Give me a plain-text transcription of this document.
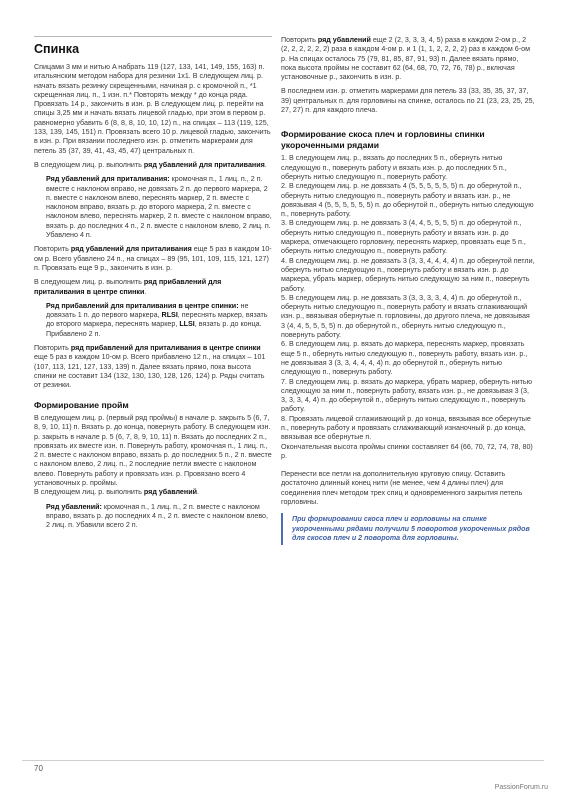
Спинка

Спицами 3 мм и нитью A набрать 119 (127, 133, 141, 149, 155, 163) п. итальянским методом набора для резинки 1x1. В следующем лиц. р. начать вязать резинку скрещенными, начиная р. с кромочной п., *1 скрещенная лиц. п., 1 изн. п.* Повторять между * до конца ряда. Провязать 14 р., закончить в изн. р. В следующем лиц. р. перейти на спицы 3,25 мм и начать вязать лицевой гладью, при этом в первом р. равномерно убавить 6 (8, 8, 8, 10, 10, 12) п., на спицах – 113 (119, 125, 133, 139, 145, 151) п. Провязать всего 10 р. лицевой гладью, закончить в изн. р. При вязании последнего изн. р. отметить маркерами для петель 35 (37, 39, 41, 43, 45, 47) центральных п.

В следующем лиц. р. выполнить ряд убавлений для приталивания.

Ряд убавлений для приталивания: кромочная п., 1 лиц. п., 2 п. вместе с наклоном вправо, не довязать 2 п. до первого маркера, 2 п. вместе с наклоном влево, переснять маркер, 2 п. вместе с наклоном вправо, вязать р. до второго маркера, 2 п. вместе с наклоном влево, переснять маркер, 2 п. вместе с наклоном вправо, вязать р. до последних 4 п., 2 п. вместе с наклоном влево, 2 лиц. п. Убавлено 4 п.

Повторить ряд убавлений для приталивания еще 5 раз в каждом 10-ом р. Всего убавлено 24 п., на спицах – 89 (95, 101, 109, 115, 121, 127) п. Провязать еще 9 р., закончить в изн. р.

В следующем лиц. р. выполнить ряд прибавлений для приталивания в центре спинки.

Ряд прибавлений для приталивания в центре спинки: не довязать 1 п. до первого маркера, RLSI, переснять маркер, вязать до второго маркера, переснять маркер, LLSI, вязать р. до конца. Прибавлено 2 п.

Повторить ряд прибавлений для приталивания в центре спинки еще 5 раз в каждом 10-ом р. Всего прибавлено 12 п., на спицах – 101 (107, 113, 121, 127, 133, 139) п. Далее вязать прямо, пока высота спинки не составит 134 (132, 130, 130, 128, 126, 124) р. Ряды считать от резинки.

Формирование пройм

В следующем лиц. р. (первый ряд проймы) в начале р. закрыть 5 (6, 7, 8, 9, 10, 11) п. Вязать р. до конца, повернуть работу. В следующем изн. р. закрыть в начале р. 5 (6, 7, 8, 9, 10, 11) п. Вязать до последних 2 п., провязать их вместе изн. п. Повернуть работу, кромочная п., 1 лиц. п., 2 п. вместе с наклоном вправо, вязать р. до последних 5 п., 2 п. вместе с наклоном влево, 2 лиц. п., 2 последние петли вместе с наклоном влево. Повернуть работу и провязать изн. р. Провязано всего 4 установочных р. проймы.

В следующем лиц. р. выполнить ряд убавлений.

Ряд убавлений: кромочная п., 1 лиц. п., 2 п. вместе с наклоном вправо, вязать р. до последних 4 п., 2 п. вместе с наклоном влево, 2 лиц. п. Убавили всего 2 п.

Повторить ряд убавлений еще 2 (2, 3, 3, 3, 4, 5) раза в каждом 2-ом р., 2 (2, 2, 2, 2, 2, 2) раза в каждом 4-ом р. и 1 (1, 1, 2, 2, 2, 2) раз в каждом 6-ом р. На спицах осталось 75 (79, 81, 85, 87, 91, 93) п. Далее вязать прямо, пока высота проймы не составит 62 (64, 68, 70, 72, 76, 78) р., включая установочные р., закончить в изн. р.

В последнем изн. р. отметить маркерами для петель 33 (33, 35, 35, 37, 37, 39) центральных п. для горловины на спинке, осталось по 21 (23, 23, 25, 25, 27, 27) п. для каждого плеча.

Формирование скоса плеч и горловины спинки укороченными рядами

1. В следующем лиц. р., вязать до последних 5 п., обернуть нитью следующую п., повернуть работу и вязать изн. р. до последних 5 п., обернуть нитью следующую п., повернуть работу.

2. В следующем лиц. р. не довязать 4 (5, 5, 5, 5, 5, 5) п. до обернутой п., обернуть нитью следующую п., повернуть работу и вязать изн. р., не довязывая 4 (5, 5, 5, 5, 5, 5) п. до обернутой п., обернуть нитью следующую п., повернуть работу.

3. В следующем лиц. р. не довязать 3 (4, 4, 5, 5, 5, 5) п. до обернутой п., обернуть нитью следующую п., повернуть работу и вязать изн. р. до маркера, отмечающего горловину, переснять маркер, провязать еще 5 п., обернуть нитью следующую п., повернуть работу.

4. В следующем лиц. р. не довязать 3 (3, 3, 4, 4, 4, 4) п. до обернутой петли, обернуть нитью следующую п., повернуть работу и вязать изн. р. до маркера, убрать маркер, обернуть нитью следующую за ним п., повернуть работу.

5. В следующем лиц. р. не довязать 3 (3, 3, 3, 3, 4, 4) п. до обернутой п., обернуть нитью следующую п., повернуть работу и вязать сглаживающий изн. р., ввязывая обернутые п. горловины, до другого плеча, не довязывая 3 (4, 4, 5, 5, 5, 5) п. до обернутой п., обернуть нитью следующую п., повернуть работу.

6. В следующем лиц. р. вязать до маркера, переснять маркер, провязать еще 5 п., обернуть нитью следующую п., повернуть работу, вязать изн. р., не довязывая 3 (3, 3, 4, 4, 4, 4) п. до обернутой п., обернуть нитью следующую п., повернуть работу.

7. В следующем лиц. р. вязать до маркера, убрать маркер, обернуть нитью следующую за ним п., повернуть работу, вязать изн. р., не довязывая 3 (3, 3, 3, 3, 4, 4) п. до обернутой п., обернуть нитью следующую п., повернуть работу.

8. Провязать лицевой сглаживающий р. до конца, ввязывая все обернутые п., повернуть работу и провязать сглаживающий изнаночный р. до конца, ввязывая все обернутые п.

Окончательная высота проймы спинки составляет 64 (66, 70, 72, 74, 78, 80) р.

Перенести все петли на дополнительную круговую спицу. Оставить достаточно длинный конец нити (не менее, чем 4 длины плеч) для соединения плеч методом трех спиц и одновременного закрытия петель горловины.

При формировании скоса плеч и горловины на спинке укороченными рядами получили 5 поворотов укороченных рядов для скосов плеч и 2 поворота для горловины.
70
PassionForum.ru
